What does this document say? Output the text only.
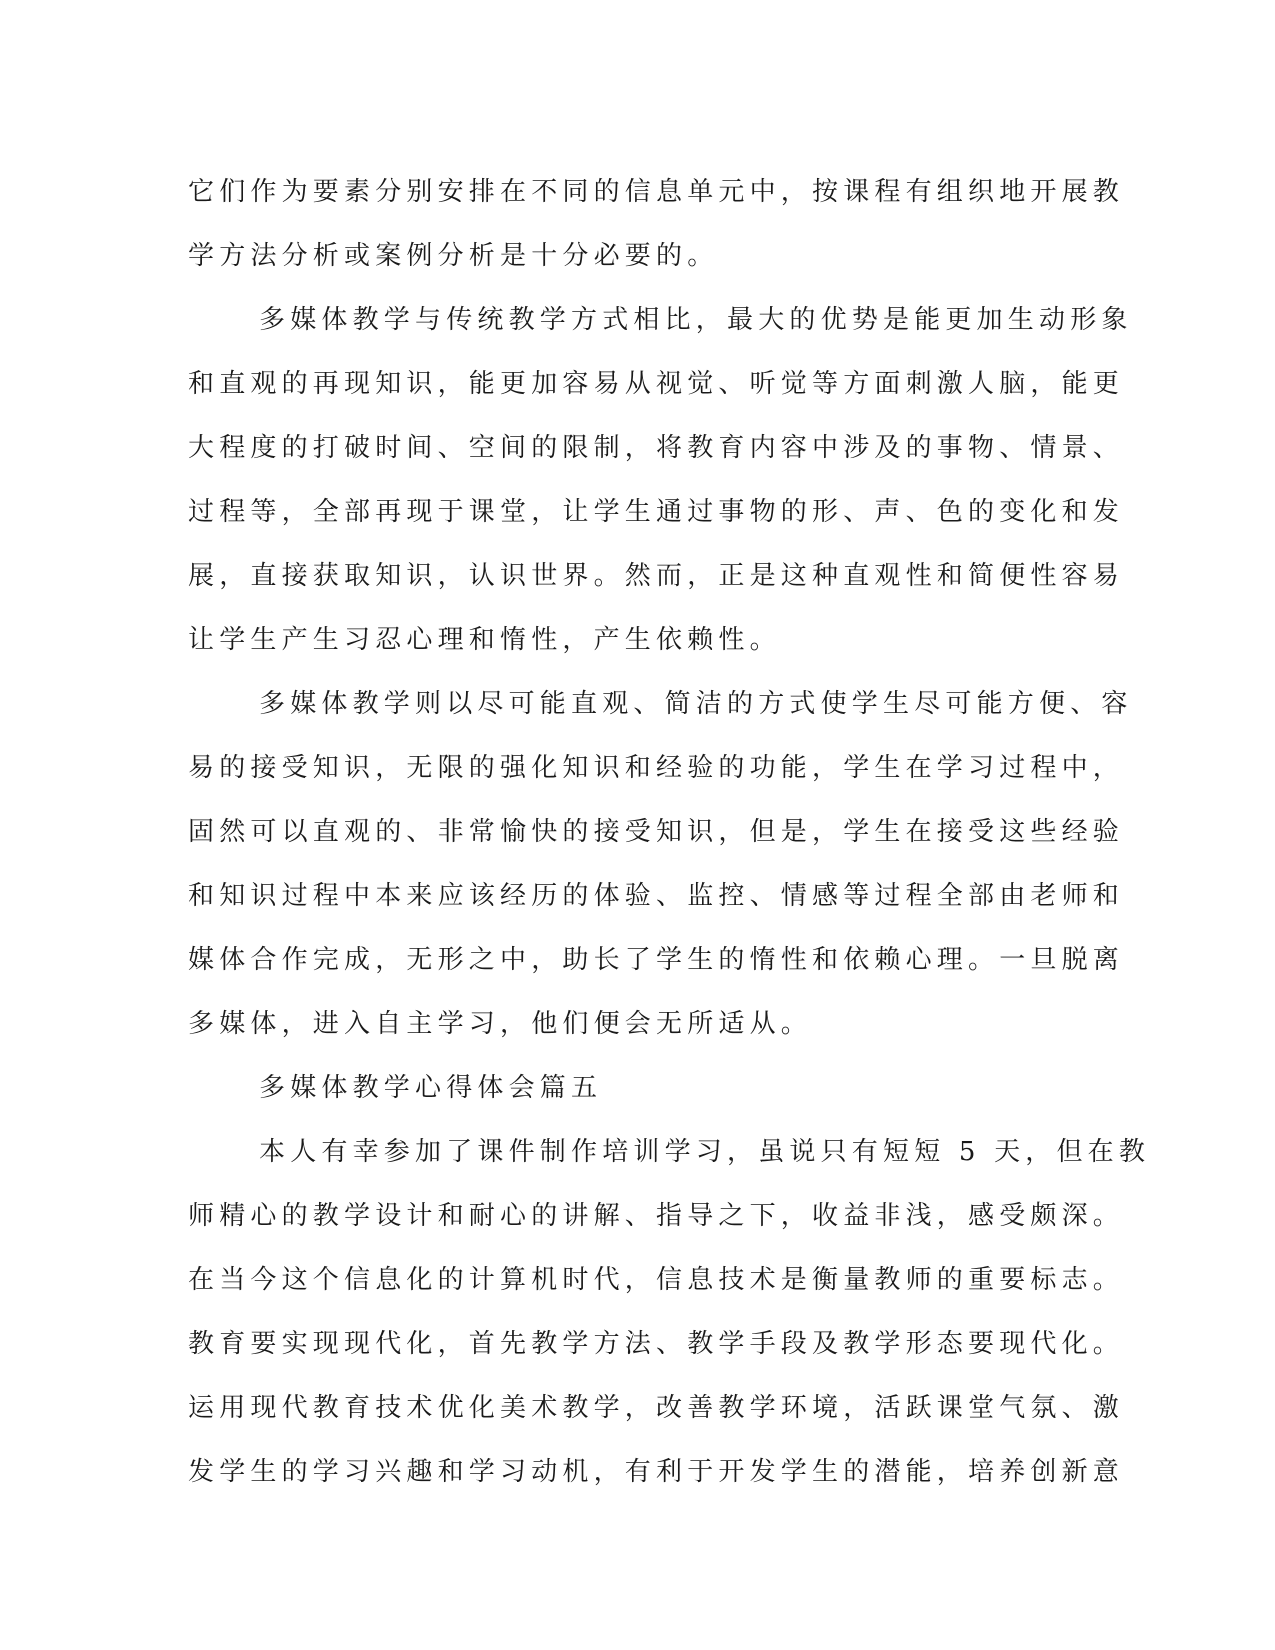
它们作为要素分别安排在不同的信息单元中，按课程有组织地开展教
学方法分析或案例分析是十分必要的。
多媒体教学与传统教学方式相比，最大的优势是能更加生动形象
和直观的再现知识，能更加容易从视觉、听觉等方面刺激人脑，能更
大程度的打破时间、空间的限制，将教育内容中涉及的事物、情景、
过程等，全部再现于课堂，让学生通过事物的形、声、色的变化和发
展，直接获取知识，认识世界。然而，正是这种直观性和简便性容易
让学生产生习忍心理和惰性，产生依赖性。
多媒体教学则以尽可能直观、简洁的方式使学生尽可能方便、容
易的接受知识，无限的强化知识和经验的功能，学生在学习过程中，
固然可以直观的、非常愉快的接受知识，但是，学生在接受这些经验
和知识过程中本来应该经历的体验、监控、情感等过程全部由老师和
媒体合作完成，无形之中，助长了学生的惰性和依赖心理。一旦脱离
多媒体，进入自主学习，他们便会无所适从。
多媒体教学心得体会篇五
本人有幸参加了课件制作培训学习，虽说只有短短 5 天，但在教
师精心的教学设计和耐心的讲解、指导之下，收益非浅，感受颇深。
在当今这个信息化的计算机时代，信息技术是衡量教师的重要标志。
教育要实现现代化，首先教学方法、教学手段及教学形态要现代化。
运用现代教育技术优化美术教学，改善教学环境，活跃课堂气氛、激
发学生的学习兴趣和学习动机，有利于开发学生的潜能，培养创新意
